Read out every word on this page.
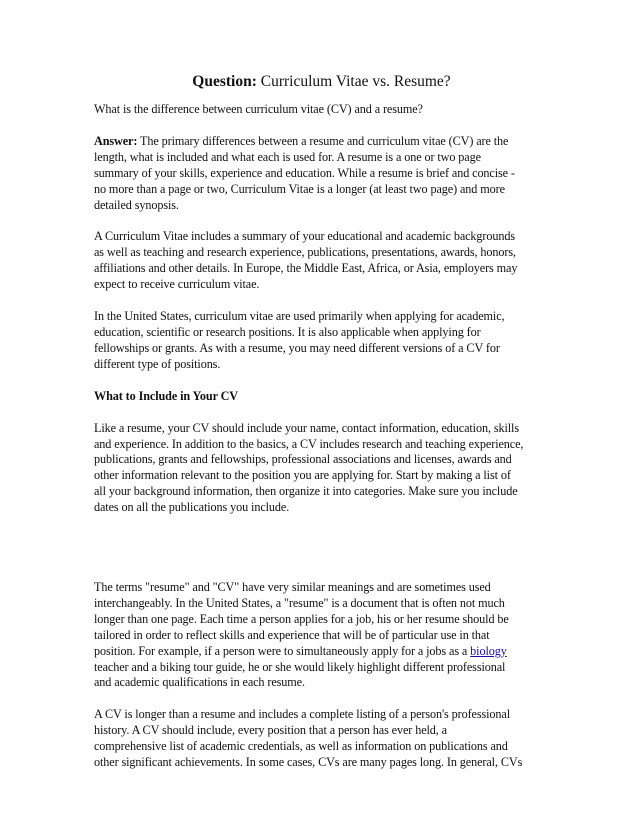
Question: Curriculum Vitae vs. Resume?

What is the difference between curriculum vitae (CV) and a resume?

Answer: The primary differences between a resume and curriculum vitae (CV) are the
length, what is included and what each is used for. A resume is a one or two page
summary of your skills, experience and education. While a resume is brief and concise -
no more than a page or two, Curriculum Vitae is a longer (at least two page) and more
detailed synopsis.

A Curriculum Vitae includes a summary of your educational and academic backgrounds
as well as teaching and research experience, publications, presentations, awards, honors,
affiliations and other details. In Europe, the Middle East, Africa, or Asia, employers may
expect to receive curriculum vitae.

In the United States, curriculum vitae are used primarily when applying for academic,
education, scientific or research positions. It is also applicable when applying for
fellowships or grants. As with a resume, you may need different versions of a CV for
different type of positions.

What to Include in Your CV

Like a resume, your CV should include your name, contact information, education, skills
and experience. In addition to the basics, a CV includes research and teaching experience,
publications, grants and fellowships, professional associations and licenses, awards and
other information relevant to the position you are applying for. Start by making a list of
all your background information, then organize it into categories. Make sure you include
dates on all the publications you include.

The terms "resume" and "CV" have very similar meanings and are sometimes used
interchangeably. In the United States, a "resume" is a document that is often not much
longer than one page. Each time a person applies for a job, his or her resume should be
tailored in order to reflect skills and experience that will be of particular use in that
position. For example, if a person were to simultaneously apply for a jobs as a biology
teacher and a biking tour guide, he or she would likely highlight different professional
and academic qualifications in each resume.

A CV is longer than a resume and includes a complete listing of a person's professional
history. A CV should include, every position that a person has ever held, a
comprehensive list of academic credentials, as well as information on publications and
other significant achievements. In some cases, CVs are many pages long. In general, CVs
